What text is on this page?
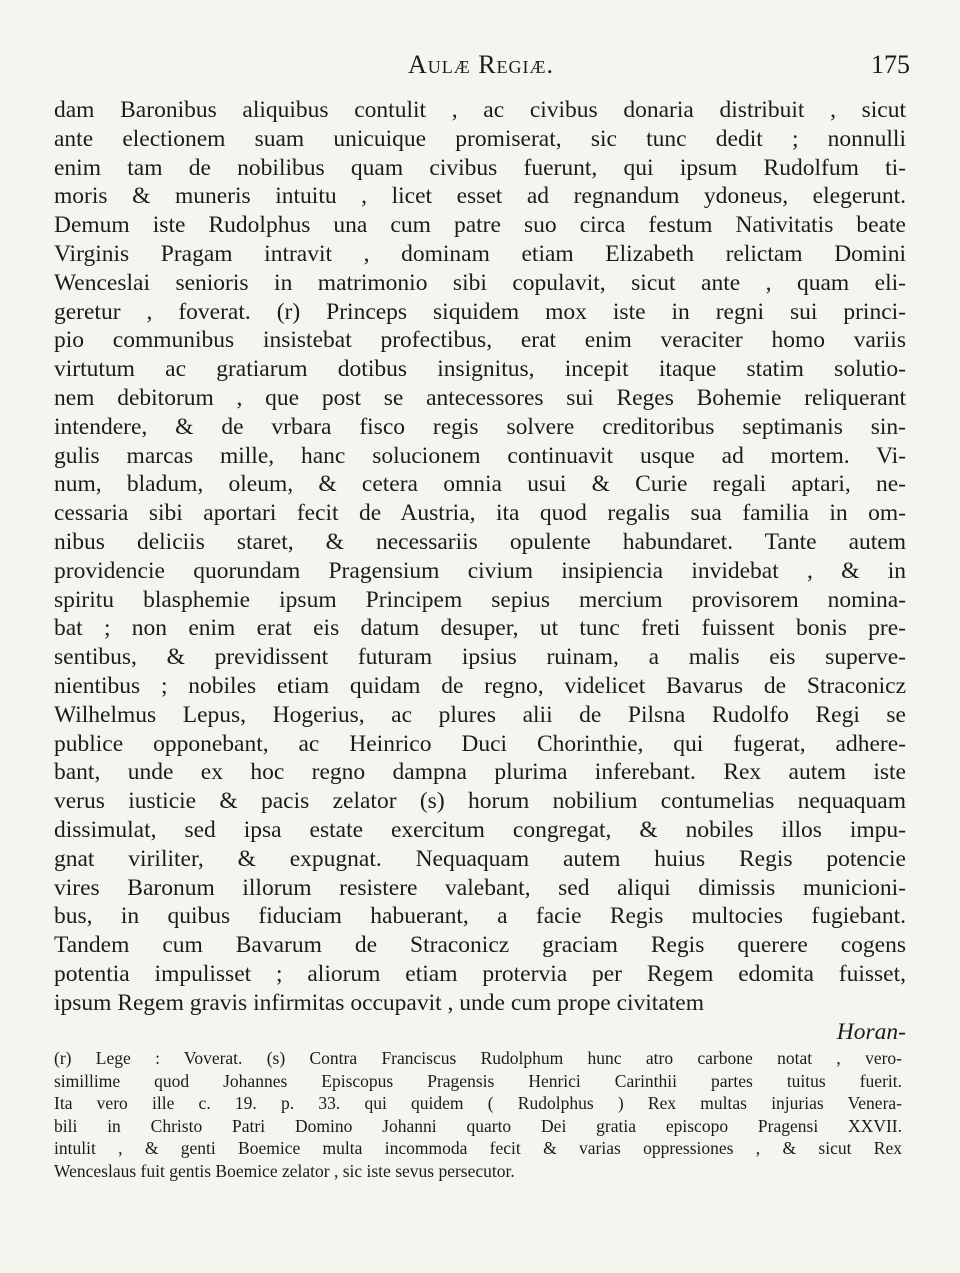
Aulæ Regiæ.	175
dam Baronibus aliquibus contulit , ac civibus donaria distribuit , sicut
ante electionem suam unicuique promiserat, sic tunc dedit ; nonnulli
enim tam de nobilibus quam civibus fuerunt, qui ipsum Rudolfum ti-
moris & muneris intuitu , licet esset ad regnandum ydoneus, elegerunt.
Demum iste Rudolphus una cum patre suo circa festum Nativitatis beate
Virginis Pragam intravit , dominam etiam Elizabeth relictam Domini
Wenceslai senioris in matrimonio sibi copulavit, sicut ante , quam eli-
geretur , foverat. (r) Princeps siquidem mox iste in regni sui princi-
pio communibus insistebat profectibus, erat enim veraciter homo variis
virtutum ac gratiarum dotibus insignitus, incepit itaque statim solutio-
nem debitorum , que post se antecessores sui Reges Bohemie reliquerant
intendere, & de vrbara fisco regis solvere creditoribus septimanis sin-
gulis marcas mille, hanc solucionem continuavit usque ad mortem. Vi-
num, bladum, oleum, & cetera omnia usui & Curie regali aptari, ne-
cessaria sibi aportari fecit de Austria, ita quod regalis sua familia in om-
nibus deliciis staret, & necessariis opulente habundaret. Tante autem
providencie quorundam Pragensium civium insipiencia invidebat , & in
spiritu blasphemie ipsum Principem sepius mercium provisorem nomina-
bat ; non enim erat eis datum desuper, ut tunc freti fuissent bonis pre-
sentibus, & previdissent futuram ipsius ruinam, a malis eis superve-
nientibus ; nobiles etiam quidam de regno, videlicet Bavarus de Straconicz
Wilhelmus Lepus, Hogerius, ac plures alii de Pilsna Rudolfo Regi se
publice opponebant, ac Heinrico Duci Chorinthie, qui fugerat, adhere-
bant, unde ex hoc regno dampna plurima inferebant. Rex autem iste
verus iusticie & pacis zelator (s) horum nobilium contumelias nequaquam
dissimulat, sed ipsa estate exercitum congregat, & nobiles illos impu-
gnat viriliter, & expugnat. Nequaquam autem huius Regis potencie
vires Baronum illorum resistere valebant, sed aliqui dimissis municioni-
bus, in quibus fiduciam habuerant, a facie Regis multocies fugiebant.
Tandem cum Bavarum de Straconicz graciam Regis querere cogens
potentia impulisset ; aliorum etiam protervia per Regem edomita fuisset,
ipsum Regem gravis infirmitas occupavit , unde cum prope civitatem
Horan-
(r) Lege : Voverat. (s) Contra Franciscus Rudolphum hunc atro carbone notat , vero-
simillime quod Johannes Episcopus Pragensis Henrici Carinthii partes tuitus fuerit.
Ita vero ille c. 19. p. 33. qui quidem ( Rudolphus ) Rex multas injurias Venera-
bili in Christo Patri Domino Johanni quarto Dei gratia episcopo Pragensi XXVII.
intulit , & genti Boemice multa incommoda fecit & varias oppressiones , & sicut Rex
Wenceslaus fuit gentis Boemice zelator , sic iste sevus persecutor.
